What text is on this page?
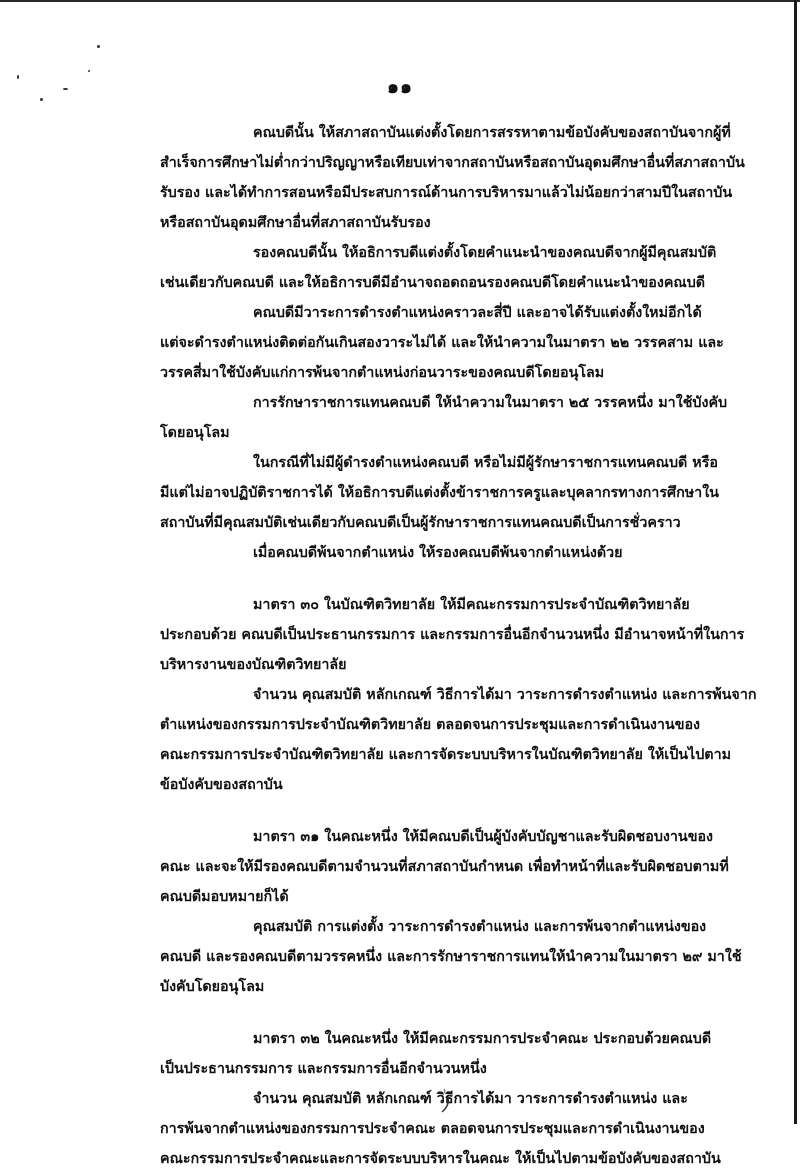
๑๑

คณบดีนั้น ให้สภาสถาบันแต่งตั้งโดยการสรรหาตามข้อบังคับของสถาบันจากผู้ที่
สำเร็จการศึกษาไม่ต่ำกว่าปริญญาหรือเทียบเท่าจากสถาบันหรือสถาบันอุดมศึกษาอื่นที่สภาสถาบัน
รับรอง และได้ทำการสอนหรือมีประสบการณ์ด้านการบริหารมาแล้วไม่น้อยกว่าสามปีในสถาบัน
หรือสถาบันอุดมศึกษาอื่นที่สภาสถาบันรับรอง

รองคณบดีนั้น ให้อธิการบดีแต่งตั้งโดยคำแนะนำของคณบดีจากผู้มีคุณสมบัติ
เช่นเดียวกับคณบดี และให้อธิการบดีมีอำนาจถอดถอนรองคณบดีโดยคำแนะนำของคณบดี

คณบดีมีวาระการดำรงตำแหน่งคราวละสี่ปี และอาจได้รับแต่งตั้งใหม่อีกได้
แต่จะดำรงตำแหน่งติดต่อกันเกินสองวาระไม่ได้ และให้นำความในมาตรา ๒๒ วรรคสาม และ
วรรคสี่มาใช้บังคับแก่การพ้นจากตำแหน่งก่อนวาระของคณบดีโดยอนุโลม

การรักษาราชการแทนคณบดี ให้นำความในมาตรา ๒๕ วรรคหนึ่ง มาใช้บังคับ
โดยอนุโลม

ในกรณีที่ไม่มีผู้ดำรงตำแหน่งคณบดี หรือไม่มีผู้รักษาราชการแทนคณบดี หรือ
มีแต่ไม่อาจปฏิบัติราชการได้ ให้อธิการบดีแต่งตั้งข้าราชการครูและบุคลากรทางการศึกษาใน
สถาบันที่มีคุณสมบัติเช่นเดียวกับคณบดีเป็นผู้รักษาราชการแทนคณบดีเป็นการชั่วคราว

เมื่อคณบดีพ้นจากตำแหน่ง ให้รองคณบดีพ้นจากตำแหน่งด้วย

มาตรา ๓๐ ในบัณฑิตวิทยาลัย ให้มีคณะกรรมการประจำบัณฑิตวิทยาลัย
ประกอบด้วย คณบดีเป็นประธานกรรมการ และกรรมการอื่นอีกจำนวนหนึ่ง มีอำนาจหน้าที่ในการ
บริหารงานของบัณฑิตวิทยาลัย

จำนวน คุณสมบัติ หลักเกณฑ์ วิธีการได้มา วาระการดำรงตำแหน่ง และการพ้นจาก
ตำแหน่งของกรรมการประจำบัณฑิตวิทยาลัย ตลอดจนการประชุมและการดำเนินงานของ
คณะกรรมการประจำบัณฑิตวิทยาลัย และการจัดระบบบริหารในบัณฑิตวิทยาลัย ให้เป็นไปตาม
ข้อบังคับของสถาบัน

มาตรา ๓๑ ในคณะหนึ่ง ให้มีคณบดีเป็นผู้บังคับบัญชาและรับผิดชอบงานของ
คณะ และจะให้มีรองคณบดีตามจำนวนที่สภาสถาบันกำหนด เพื่อทำหน้าที่และรับผิดชอบตามที่
คณบดีมอบหมายก็ได้

คุณสมบัติ การแต่งตั้ง วาระการดำรงตำแหน่ง และการพ้นจากตำแหน่งของ
คณบดี และรองคณบดีตามวรรคหนึ่ง และการรักษาราชการแทนให้นำความในมาตรา ๒๙ มาใช้
บังคับโดยอนุโลม

มาตรา ๓๒ ในคณะหนึ่ง ให้มีคณะกรรมการประจำคณะ ประกอบด้วยคณบดี
เป็นประธานกรรมการ และกรรมการอื่นอีกจำนวนหนึ่ง

จำนวน คุณสมบัติ หลักเกณฑ์ วิธีการได้มา วาระการดำรงตำแหน่ง และ
การพ้นจากตำแหน่งของกรรมการประจำคณะ ตลอดจนการประชุมและการดำเนินงานของ
คณะกรรมการประจำคณะและการจัดระบบบริหารในคณะ ให้เป็นไปตามข้อบังคับของสถาบัน
